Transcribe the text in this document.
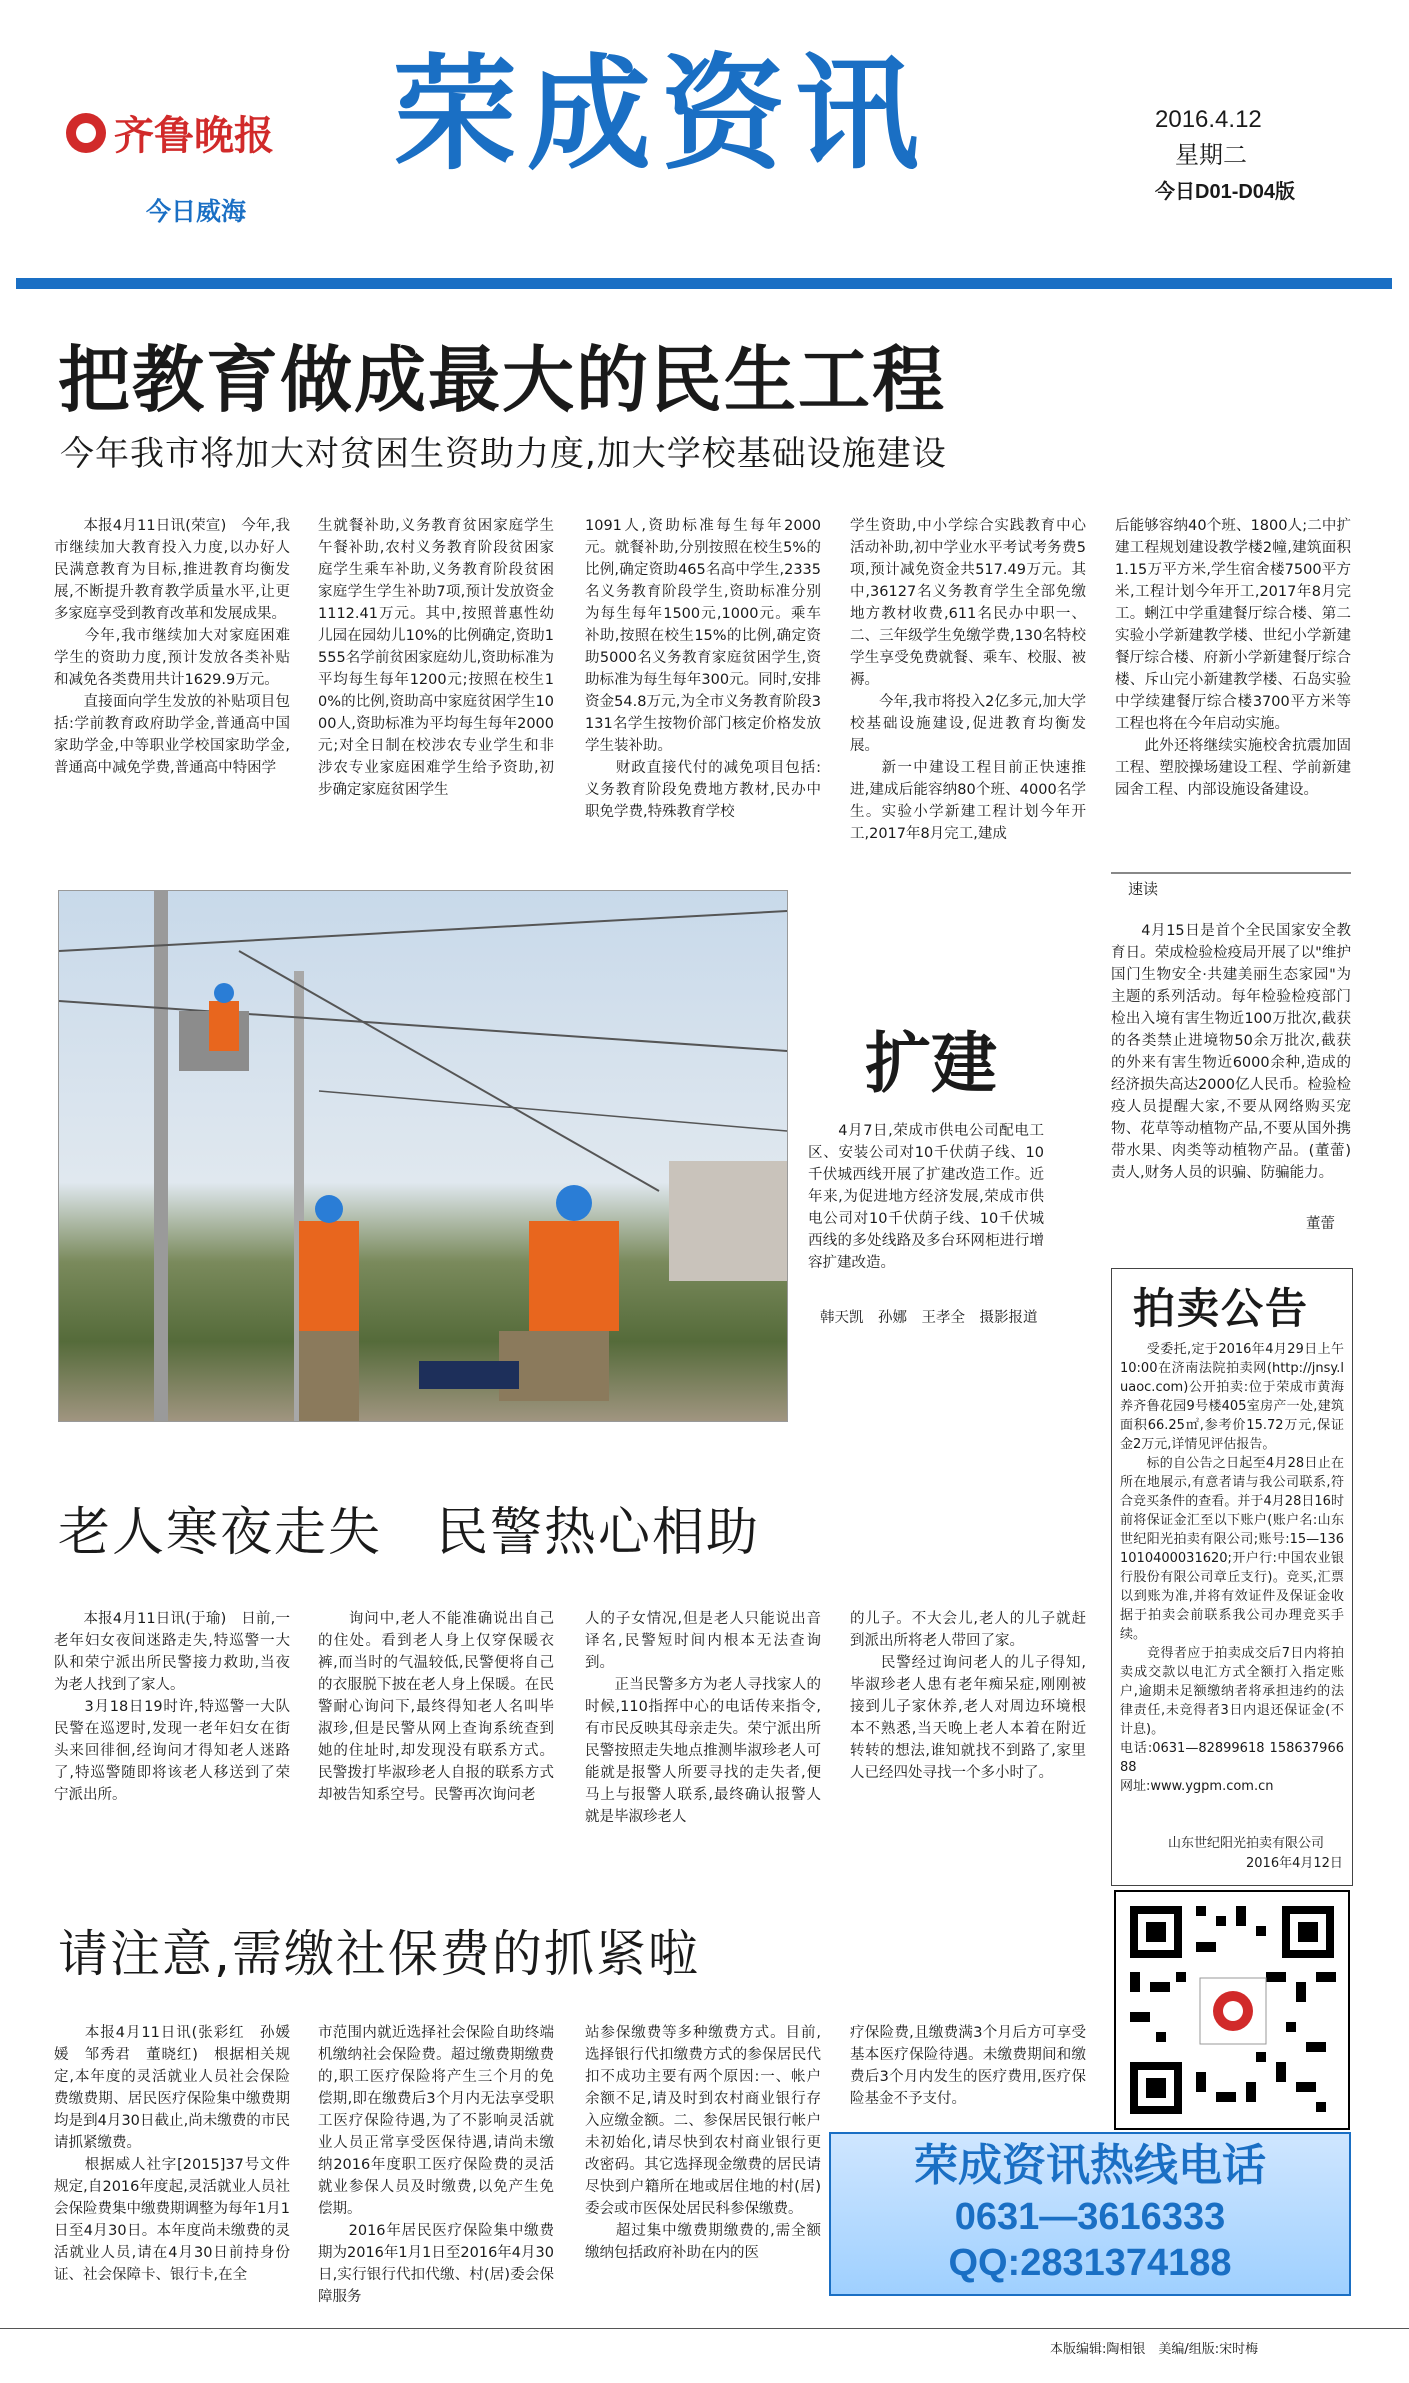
齐鲁晚报
今日威海
荣成资讯	2016.4.12
星期二
今日D01-D04版
把教育做成最大的民生工程
今年我市将加大对贫困生资助力度,加大学校基础设施建设
　　本报4月11日讯(荣宣)　今年,我市继续加大教育投入力度,以办好人民满意教育为目标,推进教育均衡发展,不断提升教育教学质量水平,让更多家庭享受到教育改革和发展成果。
　　今年,我市继续加大对家庭困难学生的资助力度,预计发放各类补贴和减免各类费用共计1629.9万元。
　　直接面向学生发放的补贴项目包括:学前教育政府助学金,普通高中国家助学金,中等职业学校国家助学金,普通高中减免学费,普通高中特困学
生就餐补助,义务教育贫困家庭学生午餐补助,农村义务教育阶段贫困家庭学生乘车补助,义务教育阶段贫困家庭学生学生补助7项,预计发放资金1112.41万元。其中,按照普惠性幼儿园在园幼儿10%的比例确定,资助1555名学前贫困家庭幼儿,资助标准为平均每生每年1200元;按照在校生10%的比例,资助高中家庭贫困学生1000人,资助标准为平均每生每年2000元;对全日制在校涉农专业学生和非涉农专业家庭困难学生给予资助,初步确定家庭贫困学生
1091人,资助标准每生每年2000元。就餐补助,分别按照在校生5%的比例,确定资助465名高中学生,2335名义务教育阶段学生,资助标准分别为每生每年1500元,1000元。乘车补助,按照在校生15%的比例,确定资助5000名义务教育家庭贫困学生,资助标准为每生每年300元。同时,安排资金54.8万元,为全市义务教育阶段3131名学生按物价部门核定价格发放学生装补助。
　　财政直接代付的减免项目包括:义务教育阶段免费地方教材,民办中职免学费,特殊教育学校
学生资助,中小学综合实践教育中心活动补助,初中学业水平考试考务费5项,预计减免资金共517.49万元。其中,36127名义务教育学生全部免缴地方教材收费,611名民办中职一、二、三年级学生免缴学费,130名特校学生享受免费就餐、乘车、校服、被褥。
　　今年,我市将投入2亿多元,加大学校基础设施建设,促进教育均衡发展。
　　新一中建设工程目前正快速推进,建成后能容纳80个班、4000名学生。实验小学新建工程计划今年开工,2017年8月完工,建成
后能够容纳40个班、1800人;二中扩建工程规划建设教学楼2幢,建筑面积1.15万平方米,学生宿舍楼7500平方米,工程计划今年开工,2017年8月完工。蜊江中学重建餐厅综合楼、第二实验小学新建教学楼、世纪小学新建餐厅综合楼、府新小学新建餐厅综合楼、斥山完小新建教学楼、石岛实验中学续建餐厅综合楼3700平方米等工程也将在今年启动实施。
　　此外还将继续实施校舍抗震加固工程、塑胶操场建设工程、学前新建园舍工程、内部设施设备建设。
扩建
　　4月7日,荣成市供电公司配电工区、安装公司对10千伏荫子线、10千伏城西线开展了扩建改造工作。近年来,为促进地方经济发展,荣成市供电公司对10千伏荫子线、10千伏城西线的多处线路及多台环网柜进行增容扩建改造。
韩天凯　孙娜　王孝全　摄影报道
速读
　　4月15日是首个全民国家安全教育日。荣成检验检疫局开展了以"维护国门生物安全·共建美丽生态家园"为主题的系列活动。每年检验检疫部门检出入境有害生物近100万批次,截获的各类禁止进境物50余万批次,截获的外来有害生物近6000余种,造成的经济损失高达2000亿人民币。检验检疫人员提醒大家,不要从网络购买宠物、花草等动植物产品,不要从国外携带水果、肉类等动植物产品。(董蕾)责人,财务人员的识骗、防骗能力。
董蕾
拍卖公告
　　受委托,定于2016年4月29日上午10:00在济南法院拍卖网(http://jnsy.luaoc.com)公开拍卖:位于荣成市黄海养齐鲁花园9号楼405室房产一处,建筑面积66.25㎡,参考价15.72万元,保证金2万元,详情见评估报告。
　　标的自公告之日起至4月28日止在所在地展示,有意者请与我公司联系,符合竞买条件的查看。并于4月28日16时前将保证金汇至以下账户(账户名:山东世纪阳光拍卖有限公司;账号:15—1361010400031620;开户行:中国农业银行股份有限公司章丘支行)。竞买,汇票以到账为准,并将有效证件及保证金收据于拍卖会前联系我公司办理竞买手续。
　　竞得者应于拍卖成交后7日内将拍卖成交款以电汇方式全额打入指定账户,逾期未足额缴纳者将承担违约的法律责任,未竞得者3日内退还保证金(不计息)。
电话:0631—82899618 15863796688
网址:www.ygpm.com.cn
山东世纪阳光拍卖有限公司
2016年4月12日
老人寒夜走失　民警热心相助
　　本报4月11日讯(于瑜)　日前,一老年妇女夜间迷路走失,特巡警一大队和荣宁派出所民警接力救助,当夜为老人找到了家人。
　　3月18日19时许,特巡警一大队民警在巡逻时,发现一老年妇女在街头来回徘徊,经询问才得知老人迷路了,特巡警随即将该老人移送到了荣宁派出所。
　　询问中,老人不能准确说出自己的住处。看到老人身上仅穿保暖衣裤,而当时的气温较低,民警便将自己的衣服脱下披在老人身上保暖。在民警耐心询问下,最终得知老人名叫毕淑珍,但是民警从网上查询系统查到她的住址时,却发现没有联系方式。民警拨打毕淑珍老人自报的联系方式却被告知系空号。民警再次询问老
人的子女情况,但是老人只能说出音译名,民警短时间内根本无法查询到。
　　正当民警多方为老人寻找家人的时候,110指挥中心的电话传来指令,有市民反映其母亲走失。荣宁派出所民警按照走失地点推测毕淑珍老人可能就是报警人所要寻找的走失者,便马上与报警人联系,最终确认报警人就是毕淑珍老人
的儿子。不大会儿,老人的儿子就赶到派出所将老人带回了家。
　　民警经过询问老人的儿子得知,毕淑珍老人患有老年痴呆症,刚刚被接到儿子家休养,老人对周边环境根本不熟悉,当天晚上老人本着在附近转转的想法,谁知就找不到路了,家里人已经四处寻找一个多小时了。
请注意,需缴社保费的抓紧啦
　　本报4月11日讯(张彩红　孙媛媛　邹秀君　董晓红)　根据相关规定,本年度的灵活就业人员社会保险费缴费期、居民医疗保险集中缴费期均是到4月30日截止,尚未缴费的市民请抓紧缴费。
　　根据威人社字[2015]37号文件规定,自2016年度起,灵活就业人员社会保险费集中缴费期调整为每年1月1日至4月30日。本年度尚未缴费的灵活就业人员,请在4月30日前持身份证、社会保障卡、银行卡,在全
市范围内就近选择社会保险自助终端机缴纳社会保险费。超过缴费期缴费的,职工医疗保险将产生三个月的免偿期,即在缴费后3个月内无法享受职工医疗保险待遇,为了不影响灵活就业人员正常享受医保待遇,请尚未缴纳2016年度职工医疗保险费的灵活就业参保人员及时缴费,以免产生免偿期。
　　2016年居民医疗保险集中缴费期为2016年1月1日至2016年4月30日,实行银行代扣代缴、村(居)委会保障服务
站参保缴费等多种缴费方式。目前,选择银行代扣缴费方式的参保居民代扣不成功主要有两个原因:一、帐户余额不足,请及时到农村商业银行存入应缴金额。二、参保居民银行帐户未初始化,请尽快到农村商业银行更改密码。其它选择现金缴费的居民请尽快到户籍所在地或居住地的村(居)委会或市医保处居民科参保缴费。
　　超过集中缴费期缴费的,需全额缴纳包括政府补助在内的医
疗保险费,且缴费满3个月后方可享受基本医疗保险待遇。未缴费期间和缴费后3个月内发生的医疗费用,医疗保险基金不予支付。
荣成资讯热线电话
0631—3616333
QQ:2831374188
本版编辑:陶相银　美编/组版:宋时梅
